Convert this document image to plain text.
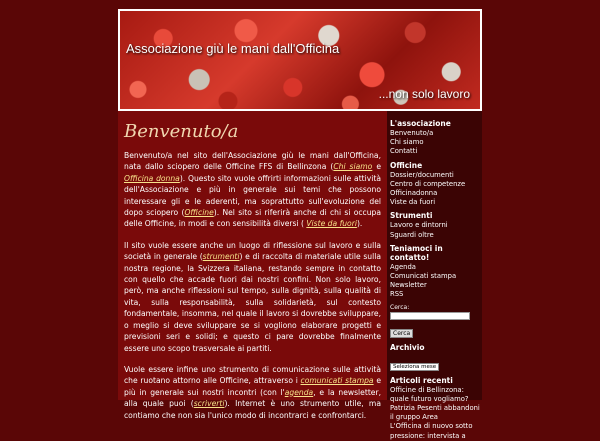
Associazione giù le mani dall'Officina
...non solo lavoro
Benvenuto/a

Benvenuto/a nel sito dell'Associazione giù le mani dall'Officina, nata dallo sciopero delle Officine FFS di Bellinzona (Chi siamo e Officina donna). Questo sito vuole offrirti informazioni sulle attività dell'Associazione e più in generale sui temi che possono interessare gli e le aderenti, ma soprattutto sull'evoluzione del dopo sciopero (Officine). Nel sito si riferirà anche di chi si occupa delle Officine, in modi e con sensibilità diversi ( Viste da fuori).

Il sito vuole essere anche un luogo di riflessione sul lavoro e sulla società in generale (strumenti) e di raccolta di materiale utile sulla nostra regione, la Svizzera italiana, restando sempre in contatto con quello che accade fuori dai nostri confini. Non solo lavoro, però, ma anche riflessioni sul tempo, sulla dignità, sulla qualità di vita, sulla responsabilità, sulla solidarietà, sul contesto fondamentale, insomma, nel quale il lavoro si dovrebbe sviluppare, o meglio si deve sviluppare se si vogliono elaborare progetti e previsioni seri e solidi; e questo ci pare dovrebbe finalmente essere uno scopo trasversale ai partiti.

Vuole essere infine uno strumento di comunicazione sulle attività che ruotano attorno alle Officine, attraverso i comunicati stampa e più in generale sui nostri incontri (con l'agenda, e la newsletter, alla quale puoi (scriverti). Internet è uno strumento utile, ma contiamo che non sia l'unico modo di incontrarci e confrontarci.

L'associazione
Benvenuto/a
Chi siamo
Contatti
Officine
Dossier/documenti
Centro di competenze
Officinadonna
Viste da fuori
Strumenti
Lavoro e dintorni
Sguardi oltre
Teniamoci in contatto!
Agenda
Comunicati stampa
Newsletter
RSS
Cerca:
Cerca
Archivio
Seleziona mese
Articoli recenti
Officine di Bellinzona: quale futuro vogliamo?
Patrizia Pesenti abbandoni il gruppo Area
L'Officina di nuovo sotto pressione: intervista a
